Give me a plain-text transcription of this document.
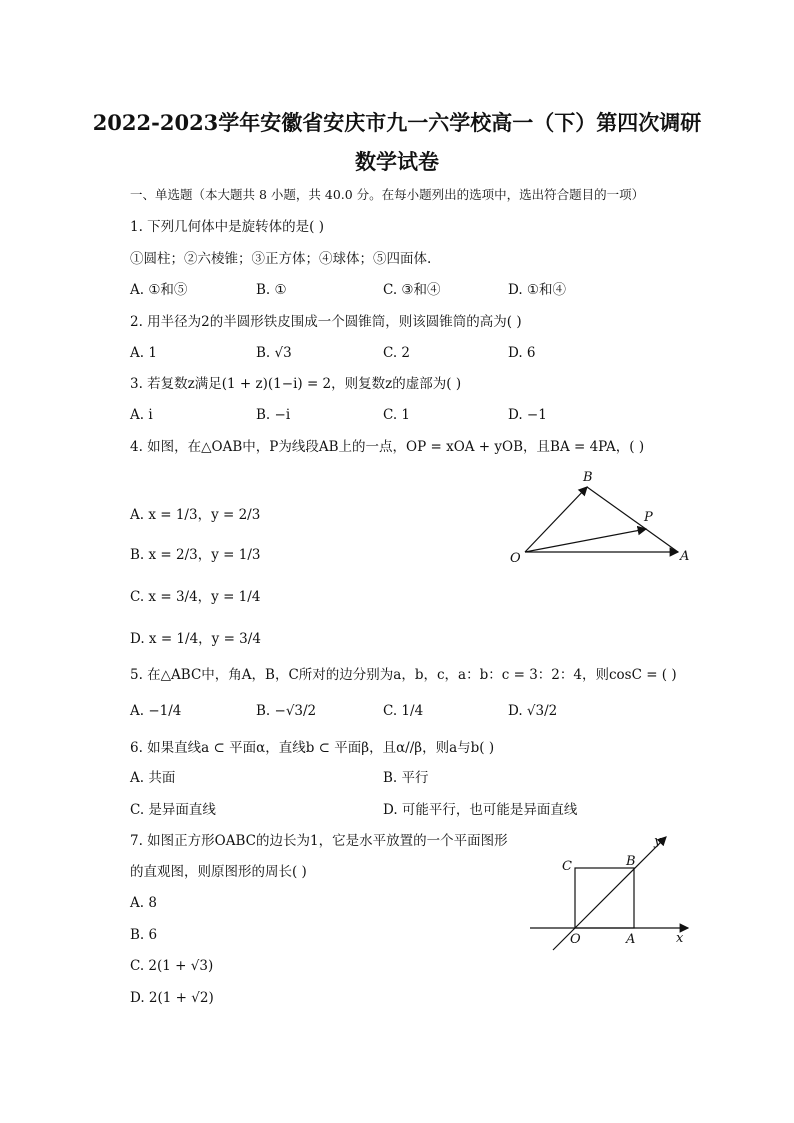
2022-2023学年安徽省安庆市九一六学校高一（下）第四次调研
数学试卷
一、单选题（本大题共 8 小题，共 40.0 分。在每小题列出的选项中，选出符合题目的一项）
1. 下列几何体中是旋转体的是( )
①圆柱；②六棱锥；③正方体；④球体；⑤四面体.
A. ①和⑤	B. ①	C. ③和④	D. ①和④
2. 用半径为2的半圆形铁皮围成一个圆锥筒，则该圆锥筒的高为( )
A. 1	B. √3	C. 2	D. 6
3. 若复数z满足(1 + z)(1−i) = 2，则复数z的虚部为( )
A. i	B. −i	C. 1	D. −1
4. 如图，在△OAB中，P为线段AB上的一点，OP = xOA + yOB，且BA = 4PA，( )
A. x = 1/3，y = 2/3
B. x = 2/3，y = 1/3
C. x = 3/4，y = 1/4
D. x = 1/4，y = 3/4
B
P
O	A
5. 在△ABC中，角A，B，C所对的边分别为a，b，c，a：b：c = 3：2：4，则cosC = ( )
A. −1/4	B. −√3/2	C. 1/4	D. √3/2
6. 如果直线a ⊂ 平面α，直线b ⊂ 平面β，且α//β，则a与b( )
A. 共面	B. 平行
C. 是异面直线	D. 可能平行，也可能是异面直线
7. 如图正方形OABC的边长为1，它是水平放置的一个平面图形
的直观图，则原图形的周长( )
A. 8
B. 6
C. 2(1 + √3)
D. 2(1 + √2)
y
C	B
O	A	x
